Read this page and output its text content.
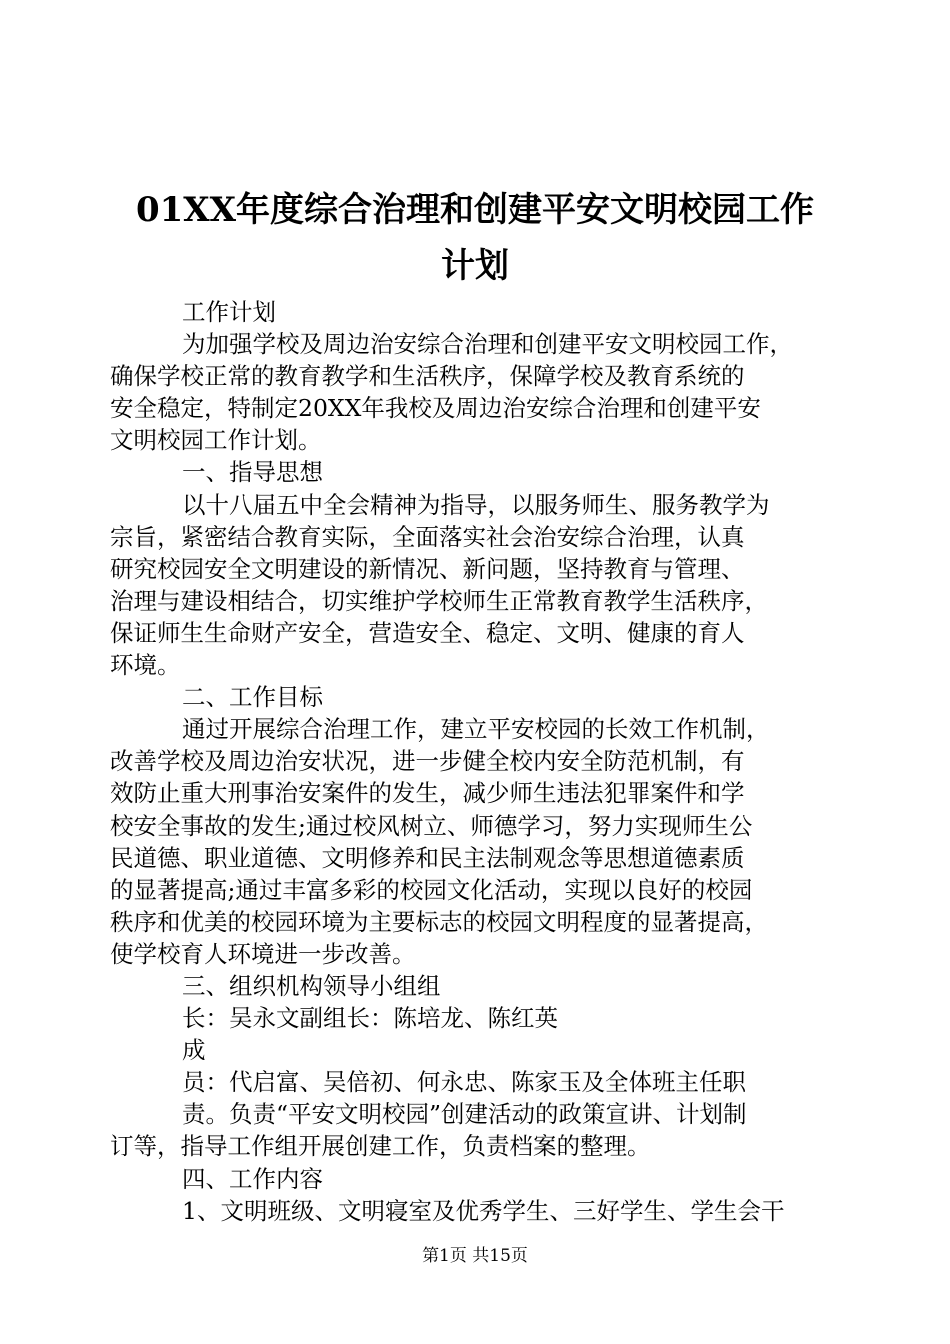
01XX年度综合治理和创建平安文明校园工作
计划
工作计划
为加强学校及周边治安综合治理和创建平安文明校园工作，
确保学校正常的教育教学和生活秩序，保障学校及教育系统的
安全稳定，特制定20XX年我校及周边治安综合治理和创建平安
文明校园工作计划。
一、指导思想
以十八届五中全会精神为指导，以服务师生、服务教学为
宗旨，紧密结合教育实际，全面落实社会治安综合治理，认真
研究校园安全文明建设的新情况、新问题，坚持教育与管理、
治理与建设相结合，切实维护学校师生正常教育教学生活秩序，
保证师生生命财产安全，营造安全、稳定、文明、健康的育人
环境。
二、工作目标
通过开展综合治理工作，建立平安校园的长效工作机制，
改善学校及周边治安状况，进一步健全校内安全防范机制，有
效防止重大刑事治安案件的发生，减少师生违法犯罪案件和学
校安全事故的发生;通过校风树立、师德学习，努力实现师生公
民道德、职业道德、文明修养和民主法制观念等思想道德素质
的显著提高;通过丰富多彩的校园文化活动，实现以良好的校园
秩序和优美的校园环境为主要标志的校园文明程度的显著提高，
使学校育人环境进一步改善。
三、组织机构领导小组组
长：吴永文副组长：陈培龙、陈红英
成
员：代启富、吴倍初、何永忠、陈家玉及全体班主任职
责。负责“平安文明校园”创建活动的政策宣讲、计划制
订等，指导工作组开展创建工作，负责档案的整理。
四、工作内容
1、文明班级、文明寝室及优秀学生、三好学生、学生会干
第1页 共15页
